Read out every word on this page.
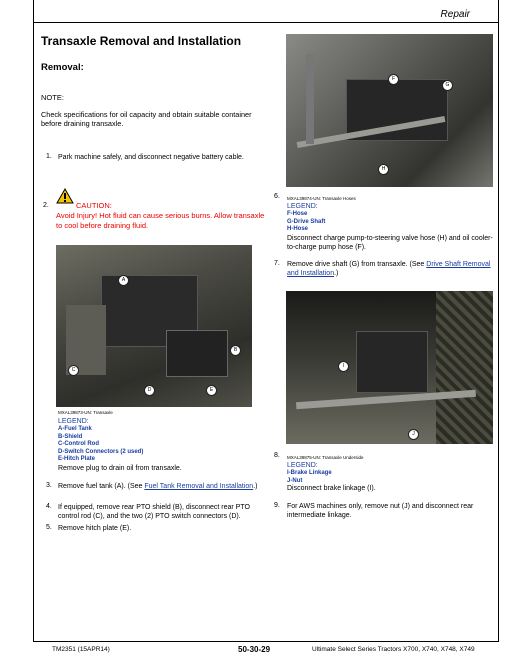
Repair
Transaxle Removal and Installation
Removal:
NOTE:
Check specifications for oil capacity and obtain suitable container before draining transaxle.
1. Park machine safely, and disconnect negative battery cable.
2.	CAUTION:
Avoid Injury! Hot fluid can cause serious burns. Allow transaxle to cool before draining fluid.
A
B
C
D	E
MXAL39873-UN: Transaxle
LEGEND:
A-Fuel Tank
B-Shield
C-Control Rod
D-Switch Connectors (2 used)
E-Hitch Plate
Remove plug to drain oil from transaxle.
3. Remove fuel tank (A). (See Fuel Tank Removal and Installation.)
4. If equipped, remove rear PTO shield (B), disconnect rear PTO control rod (C), and the two (2) PTO switch connectors (D).
5. Remove hitch plate (E).
F
G
H
6. MXAL39874-UN: Transaxle Hoses
LEGEND:
F-Hose
G-Drive Shaft
H-Hose
Disconnect charge pump-to-steering valve hose (H) and oil cooler-to-charge pump hose (F).
7. Remove drive shaft (G) from transaxle. (See Drive Shaft Removal and Installation.)
I
J
8. MXAL39875-UN: Transaxle Underside
LEGEND:
I-Brake Linkage
J-Nut
Disconnect brake linkage (I).
9. For AWS machines only, remove nut (J) and disconnect rear intermediate linkage.
TM2351 (15APR14)	50-30-29	Ultimate Select Series Tractors X700, X740, X748, X749
